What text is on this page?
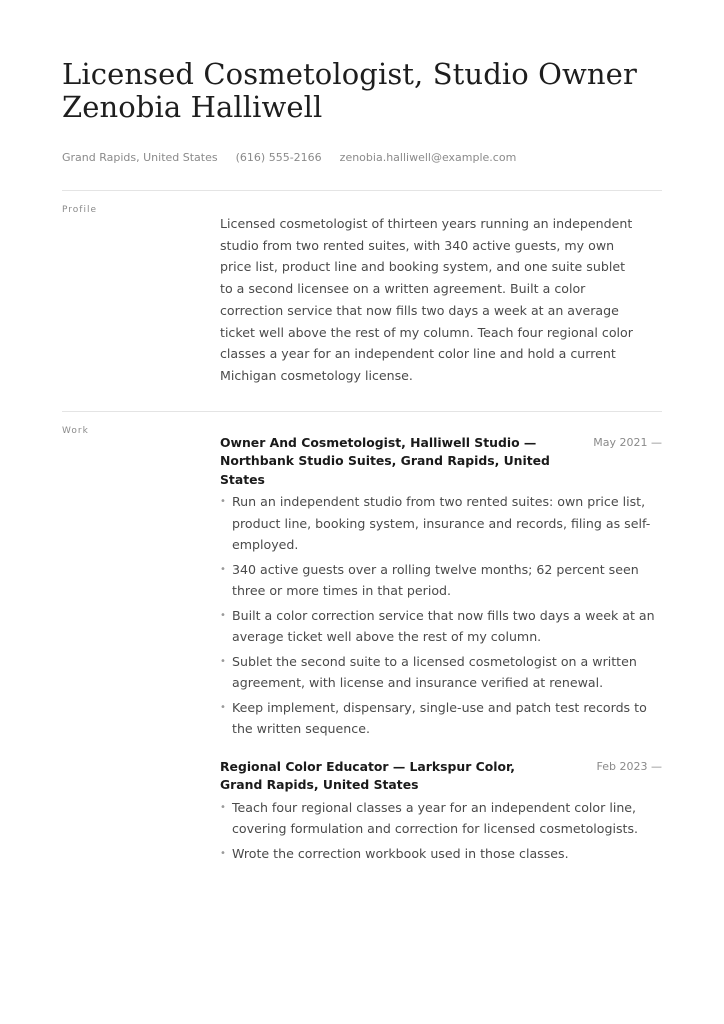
Licensed Cosmetologist, Studio Owner
Zenobia Halliwell
Grand Rapids, United States (616) 555-2166 zenobia.halliwell@example.com
Profile

Licensed cosmetologist of thirteen years running an independent studio from two rented suites, with 340 active guests, my own price list, product line and booking system, and one suite sublet to a second licensee on a written agreement. Built a color correction service that now fills two days a week at an average ticket well above the rest of my column. Teach four regional color classes a year for an independent color line and hold a current Michigan cosmetology license.

Work
Owner And Cosmetologist, Halliwell Studio — Northbank Studio Suites, Grand Rapids, United States
May 2021 —
• Run an independent studio from two rented suites: own price list, product line, booking system, insurance and records, filing as self-employed.
• 340 active guests over a rolling twelve months; 62 percent seen three or more times in that period.
• Built a color correction service that now fills two days a week at an average ticket well above the rest of my column.
• Sublet the second suite to a licensed cosmetologist on a written agreement, with license and insurance verified at renewal.
• Keep implement, dispensary, single-use and patch test records to the written sequence.
Regional Color Educator — Larkspur Color, Grand Rapids, United States
Feb 2023 —
• Teach four regional classes a year for an independent color line, covering formulation and correction for licensed cosmetologists.
• Wrote the correction workbook used in those classes.
